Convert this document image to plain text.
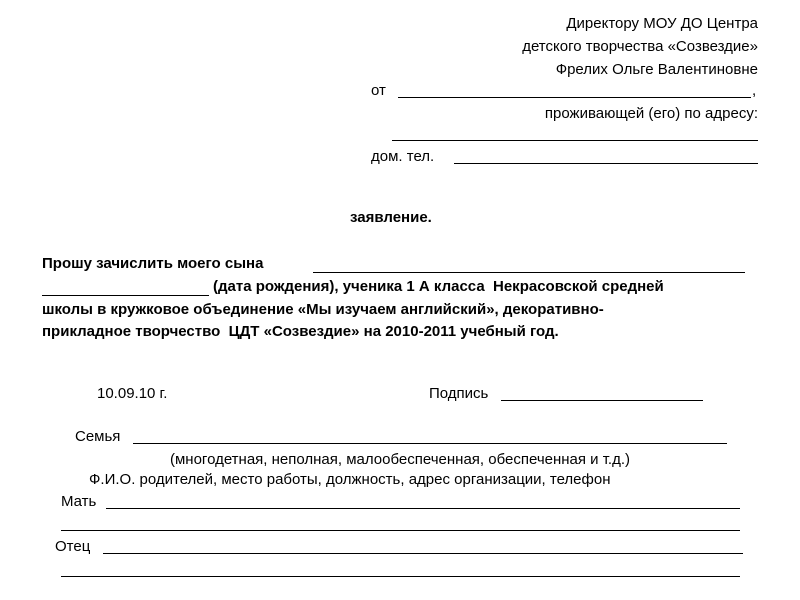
Директору МОУ ДО Центра
детского творчества «Созвездие»
Фрелих Ольге Валентиновне
от	,
проживающей (его) по адресу:
дом. тел.
заявление.
Прошу зачислить моего сына
(дата рождения), ученика 1 А класса  Некрасовской средней
школы в кружковое объединение «Мы изучаем английский», декоративно-
прикладное творчество  ЦДТ «Созвездие» на 2010-2011 учебный год.
10.09.10 г.	Подпись
Семья
(многодетная, неполная, малообеспеченная, обеспеченная и т.д.)
Ф.И.О. родителей, место работы, должность, адрес организации, телефон
Мать
Отец
